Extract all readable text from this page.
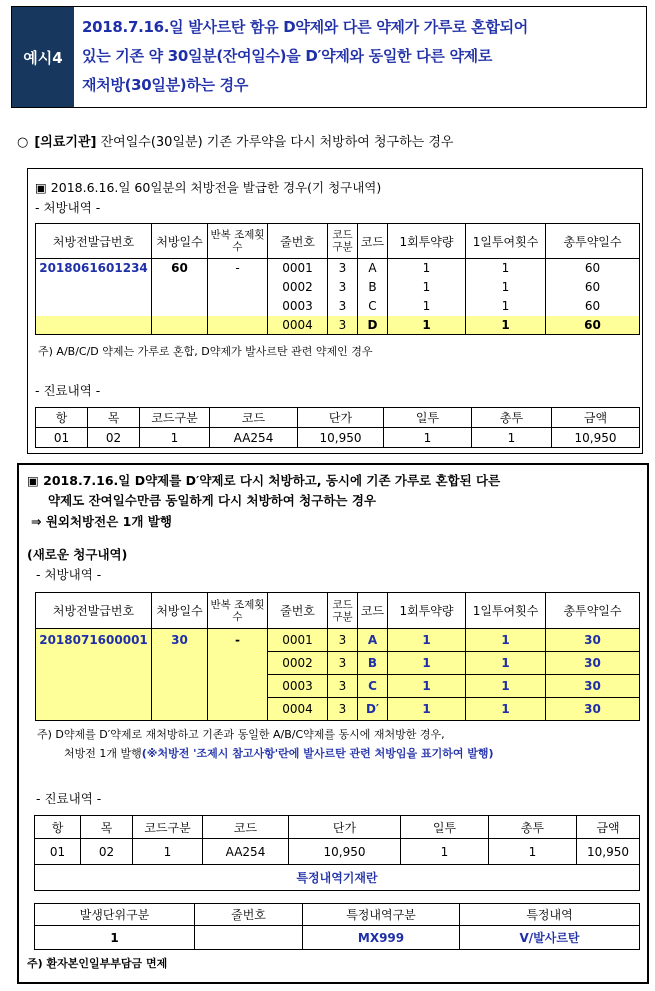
예시4
2018.7.16.일 발사르탄 함유 D약제와 다른 약제가 가루로 혼합되어
있는 기존 약 30일분(잔여일수)을 D′약제와 동일한 다른 약제로
재처방(30일분)하는 경우
○ [의료기관] 잔여일수(30일분) 기존 가루약을 다시 처방하여 청구하는 경우
▣ 2018.6.16.일 60일분의 처방전을 발급한 경우(기 청구내역)
- 처방내역 -
처방전발급번호	처방일수	반복 조제횟수	줄번호	코드 구분	코드	1회투약량	1일투여횟수	총투약일수
2018061601234	60	-	0001	3	A	1	1	60
			0002	3	B	1	1	60
			0003	3	C	1	1	60
			0004	3	D	1	1	60
주) A/B/C/D 약제는 가루로 혼합, D약제가 발사르탄 관련 약제인 경우
- 진료내역 -
항	목	코드구분	코드	단가	일투	총투	금액
01	02	1	AA254	10,950	1	1	10,950
▣ 2018.7.16.일 D약제를 D′약제로 다시 처방하고, 동시에 기존 가루로 혼합된 다른
약제도 잔여일수만큼 동일하게 다시 처방하여 청구하는 경우
⇒ 원외처방전은 1개 발행
(새로운 청구내역)
- 처방내역 -
처방전발급번호	처방일수	반복 조제횟수	줄번호	코드 구분	코드	1회투약량	1일투여횟수	총투약일수
2018071600001	30	-	0001	3	A	1	1	30
			0002	3	B	1	1	30
			0003	3	C	1	1	30
			0004	3	D′	1	1	30
주) D약제를 D′약제로 재처방하고 기존과 동일한 A/B/C약제를 동시에 재처방한 경우,
처방전 1개 발행(※처방전 '조제시 참고사항'란에 발사르탄 관련 처방임을 표기하여 발행)
- 진료내역 -
항	목	코드구분	코드	단가	일투	총투	금액
01	02	1	AA254	10,950	1	1	10,950
특정내역기재란							
발생단위구분	줄번호	특정내역구분	특정내역
1		MX999	V/발사르탄
주) 환자본인일부부담금 면제
